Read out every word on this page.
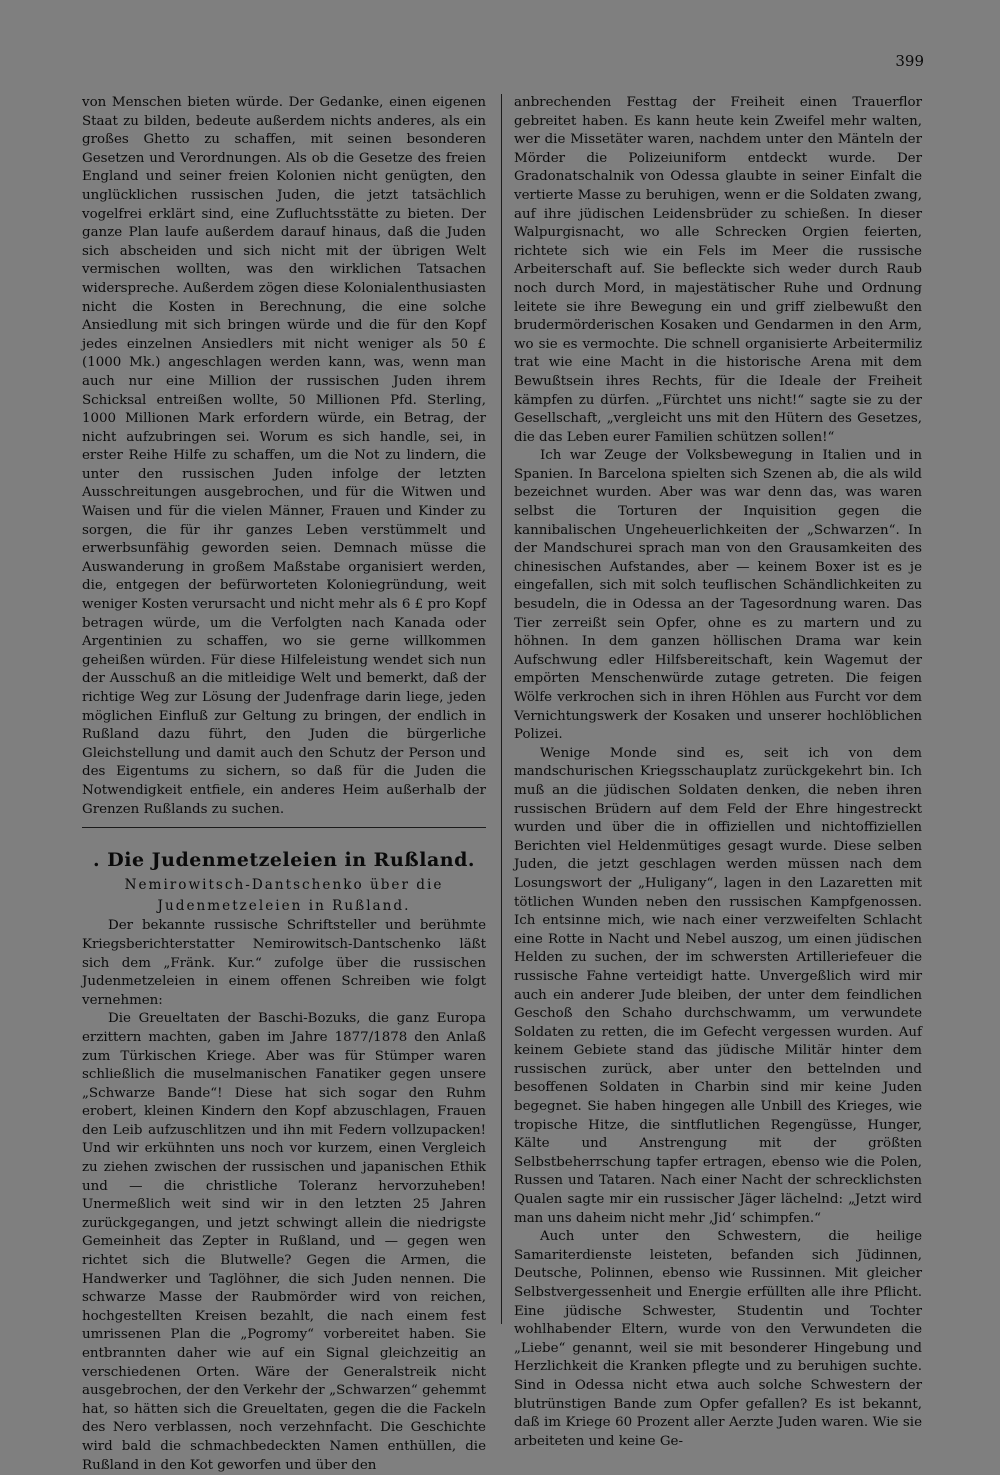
399

von Menschen bieten würde. Der Gedanke, einen eigenen Staat zu bilden, bedeute außerdem nichts anderes, als ein großes Ghetto zu schaffen, mit seinen besonderen Gesetzen und Verordnungen. Als ob die Gesetze des freien England und seiner freien Kolonien nicht genügten, den unglücklichen russischen Juden, die jetzt tatsächlich vogelfrei erklärt sind, eine Zufluchtsstätte zu bieten. Der ganze Plan laufe außerdem darauf hinaus, daß die Juden sich abscheiden und sich nicht mit der übrigen Welt vermischen wollten, was den wirklichen Tatsachen widerspreche. Außerdem zögen diese Kolonialenthusiasten nicht die Kosten in Berechnung, die eine solche Ansiedlung mit sich bringen würde und die für den Kopf jedes einzelnen Ansiedlers mit nicht weniger als 50 £ (1000 Mk.) angeschlagen werden kann, was, wenn man auch nur eine Million der russischen Juden ihrem Schicksal entreißen wollte, 50 Millionen Pfd. Sterling, 1000 Millionen Mark erfordern würde, ein Betrag, der nicht aufzubringen sei. Worum es sich handle, sei, in erster Reihe Hilfe zu schaffen, um die Not zu lindern, die unter den russischen Juden infolge der letzten Ausschreitungen ausgebrochen, und für die Witwen und Waisen und für die vielen Männer, Frauen und Kinder zu sorgen, die für ihr ganzes Leben verstümmelt und erwerbsunfähig geworden seien. Demnach müsse die Auswanderung in großem Maßstabe organisiert werden, die, entgegen der befürworteten Koloniegründung, weit weniger Kosten verursacht und nicht mehr als 6 £ pro Kopf betragen würde, um die Verfolgten nach Kanada oder Argentinien zu schaffen, wo sie gerne willkommen geheißen würden. Für diese Hilfeleistung wendet sich nun der Ausschuß an die mitleidige Welt und bemerkt, daß der richtige Weg zur Lösung der Judenfrage darin liege, jeden möglichen Einfluß zur Geltung zu bringen, der endlich in Rußland dazu führt, den Juden die bürgerliche Gleichstellung und damit auch den Schutz der Person und des Eigentums zu sichern, so daß für die Juden die Notwendigkeit entfiele, ein anderes Heim außerhalb der Grenzen Rußlands zu suchen.

. Die Judenmetzeleien in Rußland.
Nemirowitsch-Dantschenko über die
Judenmetzeleien in Rußland.

Der bekannte russische Schriftsteller und berühmte Kriegsberichterstatter Nemirowitsch-Dantschenko läßt sich dem „Fränk. Kur.“ zufolge über die russischen Judenmetzeleien in einem offenen Schreiben wie folgt vernehmen:

Die Greueltaten der Baschi-Bozuks, die ganz Europa erzittern machten, gaben im Jahre 1877/1878 den Anlaß zum Türkischen Kriege. Aber was für Stümper waren schließlich die muselmanischen Fanatiker gegen unsere „Schwarze Bande“! Diese hat sich sogar den Ruhm erobert, kleinen Kindern den Kopf abzuschlagen, Frauen den Leib aufzuschlitzen und ihn mit Federn vollzupacken! Und wir erkühnten uns noch vor kurzem, einen Vergleich zu ziehen zwischen der russischen und japanischen Ethik und — die christliche Toleranz hervorzuheben! Unermeßlich weit sind wir in den letzten 25 Jahren zurückgegangen, und jetzt schwingt allein die niedrigste Gemeinheit das Zepter in Rußland, und — gegen wen richtet sich die Blutwelle? Gegen die Armen, die Handwerker und Taglöhner, die sich Juden nennen. Die schwarze Masse der Raubmörder wird von reichen, hochgestellten Kreisen bezahlt, die nach einem fest umrissenen Plan die „Pogromy“ vorbereitet haben. Sie entbrannten daher wie auf ein Signal gleichzeitig an verschiedenen Orten. Wäre der Generalstreik nicht ausgebrochen, der den Verkehr der „Schwarzen“ gehemmt hat, so hätten sich die Greueltaten, gegen die die Fackeln des Nero verblassen, noch verzehnfacht. Die Geschichte wird bald die schmachbedeckten Namen enthüllen, die Rußland in den Kot geworfen und über den

anbrechenden Festtag der Freiheit einen Trauerflor gebreitet haben. Es kann heute kein Zweifel mehr walten, wer die Missetäter waren, nachdem unter den Mänteln der Mörder die Polizeiuniform entdeckt wurde. Der Gradonatschalnik von Odessa glaubte in seiner Einfalt die vertierte Masse zu beruhigen, wenn er die Soldaten zwang, auf ihre jüdischen Leidensbrüder zu schießen. In dieser Walpurgisnacht, wo alle Schrecken Orgien feierten, richtete sich wie ein Fels im Meer die russische Arbeiterschaft auf. Sie befleckte sich weder durch Raub noch durch Mord, in majestätischer Ruhe und Ordnung leitete sie ihre Bewegung ein und griff zielbewußt den brudermörderischen Kosaken und Gendarmen in den Arm, wo sie es vermochte. Die schnell organisierte Arbeitermiliz trat wie eine Macht in die historische Arena mit dem Bewußtsein ihres Rechts, für die Ideale der Freiheit kämpfen zu dürfen. „Fürchtet uns nicht!“ sagte sie zu der Gesellschaft, „vergleicht uns mit den Hütern des Gesetzes, die das Leben eurer Familien schützen sollen!“

Ich war Zeuge der Volksbewegung in Italien und in Spanien. In Barcelona spielten sich Szenen ab, die als wild bezeichnet wurden. Aber was war denn das, was waren selbst die Torturen der Inquisition gegen die kannibalischen Ungeheuerlichkeiten der „Schwarzen“. In der Mandschurei sprach man von den Grausamkeiten des chinesischen Aufstandes, aber — keinem Boxer ist es je eingefallen, sich mit solch teuflischen Schändlichkeiten zu besudeln, die in Odessa an der Tagesordnung waren. Das Tier zerreißt sein Opfer, ohne es zu martern und zu höhnen. In dem ganzen höllischen Drama war kein Aufschwung edler Hilfsbereitschaft, kein Wagemut der empörten Menschenwürde zutage getreten. Die feigen Wölfe verkrochen sich in ihren Höhlen aus Furcht vor dem Vernichtungswerk der Kosaken und unserer hochlöblichen Polizei.

Wenige Monde sind es, seit ich von dem mandschurischen Kriegsschauplatz zurückgekehrt bin. Ich muß an die jüdischen Soldaten denken, die neben ihren russischen Brüdern auf dem Feld der Ehre hingestreckt wurden und über die in offiziellen und nichtoffiziellen Berichten viel Heldenmütiges gesagt wurde. Diese selben Juden, die jetzt geschlagen werden müssen nach dem Losungswort der „Huligany“, lagen in den Lazaretten mit tötlichen Wunden neben den russischen Kampfgenossen. Ich entsinne mich, wie nach einer verzweifelten Schlacht eine Rotte in Nacht und Nebel auszog, um einen jüdischen Helden zu suchen, der im schwersten Artilleriefeuer die russische Fahne verteidigt hatte. Unvergeßlich wird mir auch ein anderer Jude bleiben, der unter dem feindlichen Geschoß den Schaho durchschwamm, um verwundete Soldaten zu retten, die im Gefecht vergessen wurden. Auf keinem Gebiete stand das jüdische Militär hinter dem russischen zurück, aber unter den bettelnden und besoffenen Soldaten in Charbin sind mir keine Juden begegnet. Sie haben hingegen alle Unbill des Krieges, wie tropische Hitze, die sintflutlichen Regengüsse, Hunger, Kälte und Anstrengung mit der größten Selbstbeherrschung tapfer ertragen, ebenso wie die Polen, Russen und Tataren. Nach einer Nacht der schrecklichsten Qualen sagte mir ein russischer Jäger lächelnd: „Jetzt wird man uns daheim nicht mehr ‚Jid‘ schimpfen.“

Auch unter den Schwestern, die heilige Samariterdienste leisteten, befanden sich Jüdinnen, Deutsche, Polinnen, ebenso wie Russinnen. Mit gleicher Selbstvergessenheit und Energie erfüllten alle ihre Pflicht. Eine jüdische Schwester, Studentin und Tochter wohlhabender Eltern, wurde von den Verwundeten die „Liebe“ genannt, weil sie mit besonderer Hingebung und Herzlichkeit die Kranken pflegte und zu beruhigen suchte. Sind in Odessa nicht etwa auch solche Schwestern der blutrünstigen Bande zum Opfer gefallen? Es ist bekannt, daß im Kriege 60 Prozent aller Aerzte Juden waren. Wie sie arbeiteten und keine Ge-
